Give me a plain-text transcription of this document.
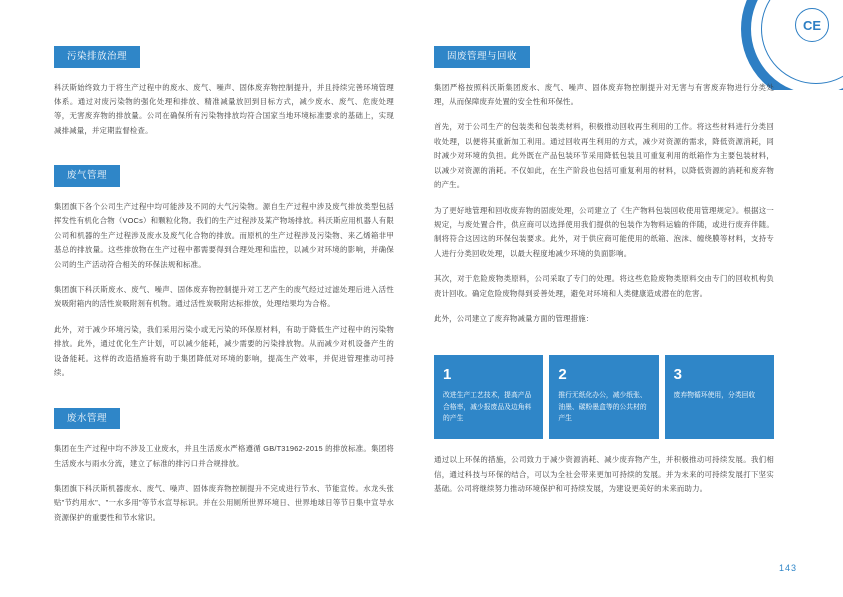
CE
污染排放治理

科沃斯始终致力于将生产过程中的废水、废气、噪声、固体废弃物控制提升，并且持续完善环境管理体系。通过对废污染物的强化处理和排放、精准减量放回到目标方式，减少废水、废气、危废处理等，无害废弃物的排放量。公司在确保所有污染物排放均符合国家当地环境标准要求的基础上，实现减排减量，并定期监督检查。

废气管理

集团旗下各个公司生产过程中均可能涉及不同的大气污染物。源自生产过程中涉及废气排放类型包括挥发性有机化合物（VOCs）和颗粒化物。我们的生产过程涉及某产物场排放。科沃斯应用机器人有限公司和机器的生产过程涉及废水及废气化合物的排放。而原机的生产过程涉及污染物、来乙烯箱非甲基总的排放量。这些排放物在生产过程中都需要得到合理处理和监控，以减少对环境的影响，并确保公司的生产活动符合相关的环保法规和标准。

集团旗下科沃斯废水、废气、噪声、固体废弃物控制提升对工艺产生的废气经过过滤处理后进入活性炭吸附箱内的活性炭吸附剂有机物。通过活性炭吸附达标排放，处理结果均为合格。

此外，对于减少环境污染，我们采用污染小或无污染的环保原材料，有助于降低生产过程中的污染物排放。此外，通过优化生产计划，可以减少能耗，减少需要的污染排放物。从而减少对机设备产生的设备能耗。这样的改造措施将有助于集团降低对环境的影响，提高生产效率，并促进管理推动可持续。

废水管理

集团在生产过程中均不涉及工业废水，并且生活废水严格遵循 GB/T31962-2015 的排放标准。集团将生活废水与雨水分流，建立了标准的排污口并合规排放。

集团旗下科沃斯机器废水、废气、噪声、固体废弃物控制提升不完成进行节水、节能宣传。水龙头张贴"节约用水"、"一水多用"等节水宣导标识。并在公用厕所世界环境日、世界地球日等节日集中宣导水资源保护的重要性和节水常识。

固废管理与回收

集团严格按照科沃斯集团废水、废气、噪声、固体废弃物控制提升对无害与有害废弃物进行分类处理，从而保障废弃处置的安全性和环保性。

首先，对于公司生产的包装类和包装类材料，积极推动回收再生利用的工作。将这些材料进行分类回收处理，以便将其重新加工利用。通过回收再生利用的方式，减少对资源的需求，降低资源消耗，同时减少对环境的负担。此外既在产品包装环节采用降低包装且可重复利用的纸箱作为主要包装材料，以减少对资源的消耗。不仅如此，在生产阶段也包括可重复利用的材料，以降低资源的消耗和废弃物的产生。

为了更好地管理和回收废弃物的固废处理，公司建立了《生产物料包装回收使用管理规定》。根据这一规定，与废处置合件，供应商可以选择使用我们提供的包装作为物料运输的伴随，或进行废弃伴随。制将符合这因这的环保包装要求。此外，对于供应商可能使用的纸箱、泡沫、缠绕膜等材料，支持专人进行分类回收处理，以最大程度地减少环境的负面影响。

其次，对于危险废物类原料，公司采取了专门的处理。将这些危险废物类原料交由专门的回收机构负责计回收。确定危险废物得到妥善处理，避免对环境和人类健康造成潜在的危害。

此外，公司建立了废弃物减量方面的管理措施：

1
改进生产工艺技术，提高产品合格率，减少报废品及边角料的产生
2
推行无纸化办公，减少纸张、油墨、碳粉墨盒等的公共材的产生
3
废弃物循环使用，分类回收

通过以上环保的措施，公司致力于减少资源消耗、减少废弃物产生，并积极推动可持续发展。我们相信，通过科技与环保的结合，可以为全社会带来更加可持续的发展。并为未来的可持续发展打下坚实基础。公司将继续努力推动环境保护和可持续发展，为建设更美好的未来而助力。

143
